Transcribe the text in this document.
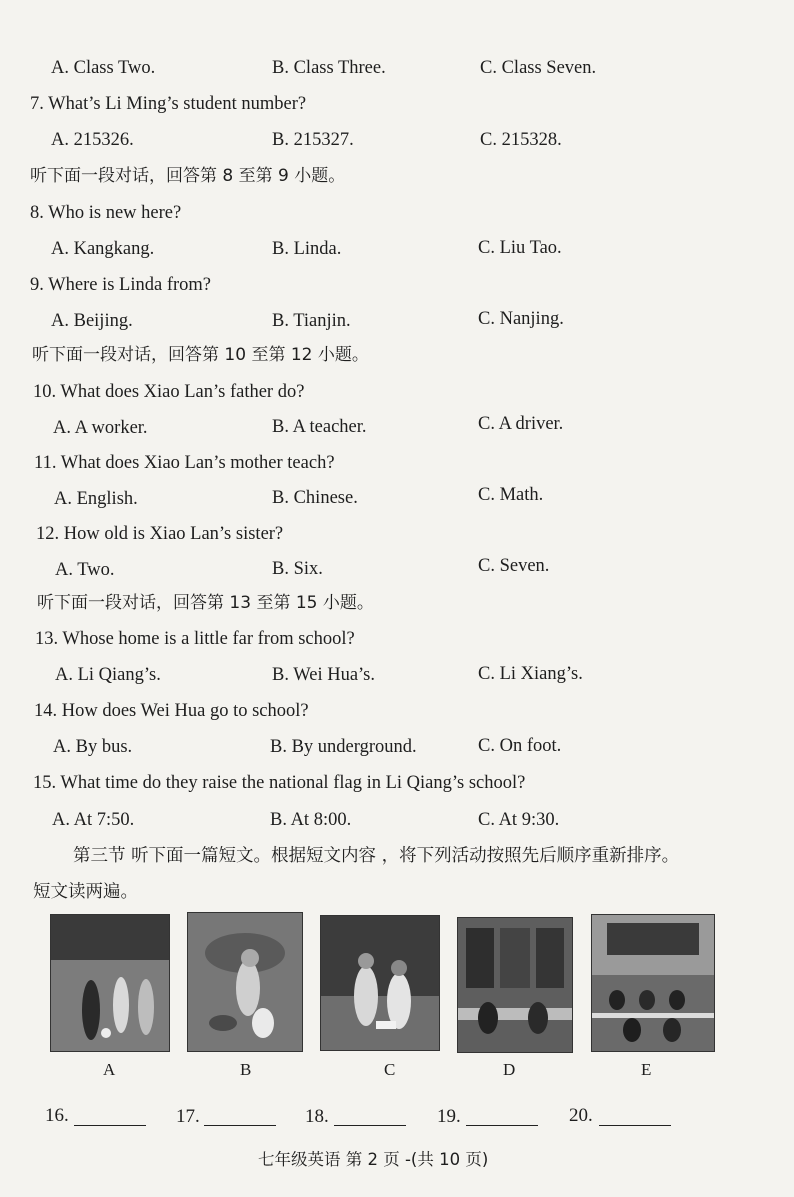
A. Class Two.	B. Class Three.	C. Class Seven.
7. What’s Li Ming’s student number?
A. 215326.	B. 215327.	C. 215328.
听下面一段对话，回答第 8 至第 9 小题。
8. Who is new here?
A. Kangkang.	B. Linda.	C. Liu Tao.
9. Where is Linda from?
A. Beijing.	B. Tianjin.	C. Nanjing.
听下面一段对话，回答第 10 至第 12 小题。
10. What does Xiao Lan’s father do?
A. A worker.	B. A teacher.	C. A driver.
11. What does Xiao Lan’s mother teach?
A. English.	B. Chinese.	C. Math.
12. How old is Xiao Lan’s sister?
A. Two.	B. Six.	C. Seven.
听下面一段对话，回答第 13 至第 15 小题。
13. Whose home is a little far from school?
A. Li Qiang’s.	B. Wei Hua’s.	C. Li Xiang’s.
14. How does Wei Hua go to school?
A. By bus.	B. By underground.	C. On foot.
15. What time do they raise the national flag in Li Qiang’s school?
A. At 7:50.	B. At 8:00.	C. At 9:30.
第三节 听下面一篇短文。根据短文内容 ，将下列活动按照先后顺序重新排序。
短文读两遍。
A	B	C	D	E
16.	17.	18.	19.	20.
七年级英语 第 2 页 -(共 10 页)
